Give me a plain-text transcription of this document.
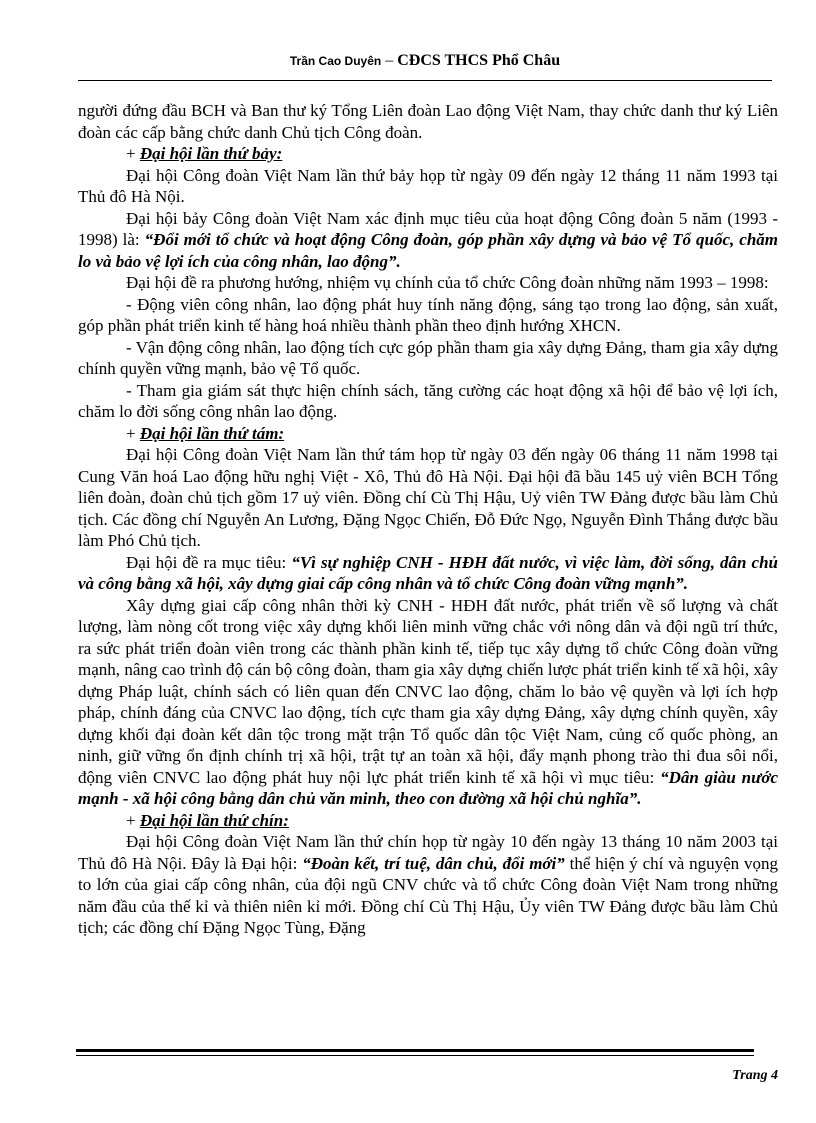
Trần Cao Duyên – CĐCS THCS Phổ Châu

người đứng đầu BCH và Ban thư ký Tổng Liên đoàn Lao động Việt Nam, thay chức danh thư ký Liên đoàn các cấp bằng chức danh Chủ tịch Công đoàn.

+ Đại hội lần thứ bảy:

Đại hội Công đoàn Việt Nam lần thứ bảy họp từ ngày 09 đến ngày 12 tháng 11 năm 1993 tại Thủ đô Hà Nội.

Đại hội bảy Công đoàn Việt Nam xác định mục tiêu của hoạt động Công đoàn 5 năm (1993 - 1998) là: “Đổi mới tổ chức và hoạt động Công đoàn, góp phần xây dựng và bảo vệ Tổ quốc, chăm lo và bảo vệ lợi ích của công nhân, lao động”.

Đại hội đề ra phương hướng, nhiệm vụ chính của tổ chức Công đoàn những năm 1993 – 1998:

- Động viên công nhân, lao động phát huy tính năng động, sáng tạo trong lao động, sản xuất, góp phần phát triển kinh tế hàng hoá nhiều thành phần theo định hướng XHCN.

- Vận động công nhân, lao động tích cực góp phần tham gia xây dựng Đảng, tham gia xây dựng chính quyền vững mạnh, bảo vệ Tổ quốc.

- Tham gia giám sát thực hiện chính sách, tăng cường các hoạt động xã hội để bảo vệ lợi ích, chăm lo đời sống công nhân lao động.

+ Đại hội lần thứ tám:

Đại hội Công đoàn Việt Nam lần thứ tám họp từ ngày 03 đến ngày 06 tháng 11 năm 1998 tại Cung Văn hoá Lao động hữu nghị Việt - Xô, Thủ đô Hà Nội. Đại hội đã bầu 145 uỷ viên BCH Tổng liên đoàn, đoàn chủ tịch gồm 17 uỷ viên. Đồng chí Cù Thị Hậu, Uỷ viên TW Đảng được bầu làm Chủ tịch. Các đồng chí Nguyễn An Lương, Đặng Ngọc Chiến, Đỗ Đức Ngọ, Nguyễn Đình Thắng được bầu làm Phó Chủ tịch.

Đại hội đề ra mục tiêu: “Vì sự nghiệp CNH - HĐH đất nước, vì việc làm, đời sống, dân chủ và công bằng xã hội, xây dựng giai cấp công nhân và tổ chức Công đoàn vững mạnh”.

Xây dựng giai cấp công nhân thời kỳ CNH - HĐH đất nước, phát triển về số lượng và chất lượng, làm nòng cốt trong việc xây dựng khối liên minh vững chắc với nông dân và đội ngũ trí thức, ra sức phát triển đoàn viên trong các thành phần kinh tế, tiếp tục xây dựng tổ chức Công đoàn vững mạnh, nâng cao trình độ cán bộ công đoàn, tham gia xây dựng chiến lược phát triển kinh tế xã hội, xây dựng Pháp luật, chính sách có liên quan đến CNVC lao động, chăm lo bảo vệ quyền và lợi ích hợp pháp, chính đáng của CNVC lao động, tích cực tham gia xây dựng Đảng, xây dựng chính quyền, xây dựng khối đại đoàn kết dân tộc trong mặt trận Tổ quốc dân tộc Việt Nam, củng cố quốc phòng, an ninh, giữ vững ổn định chính trị xã hội, trật tự an toàn xã hội, đẩy mạnh phong trào thi đua sôi nổi, động viên CNVC lao động phát huy nội lực phát triển kinh tế xã hội vì mục tiêu: “Dân giàu nước mạnh - xã hội công bằng dân chủ văn minh, theo con đường xã hội chủ nghĩa”.

+ Đại hội lần thứ chín:

Đại hội Công đoàn Việt Nam lần thứ chín họp từ ngày 10 đến ngày 13 tháng 10 năm 2003 tại Thủ đô Hà Nội. Đây là Đại hội: “Đoàn kết, trí tuệ, dân chủ, đổi mới” thể hiện ý chí và nguyện vọng to lớn của giai cấp công nhân, của đội ngũ CNV chức và tổ chức Công đoàn Việt Nam trong những năm đầu của thế kỉ và thiên niên kỉ mới. Đồng chí Cù Thị Hậu, Ủy viên TW Đảng được bầu làm Chủ tịch; các đồng chí Đặng Ngọc Tùng, Đặng

Trang 4
